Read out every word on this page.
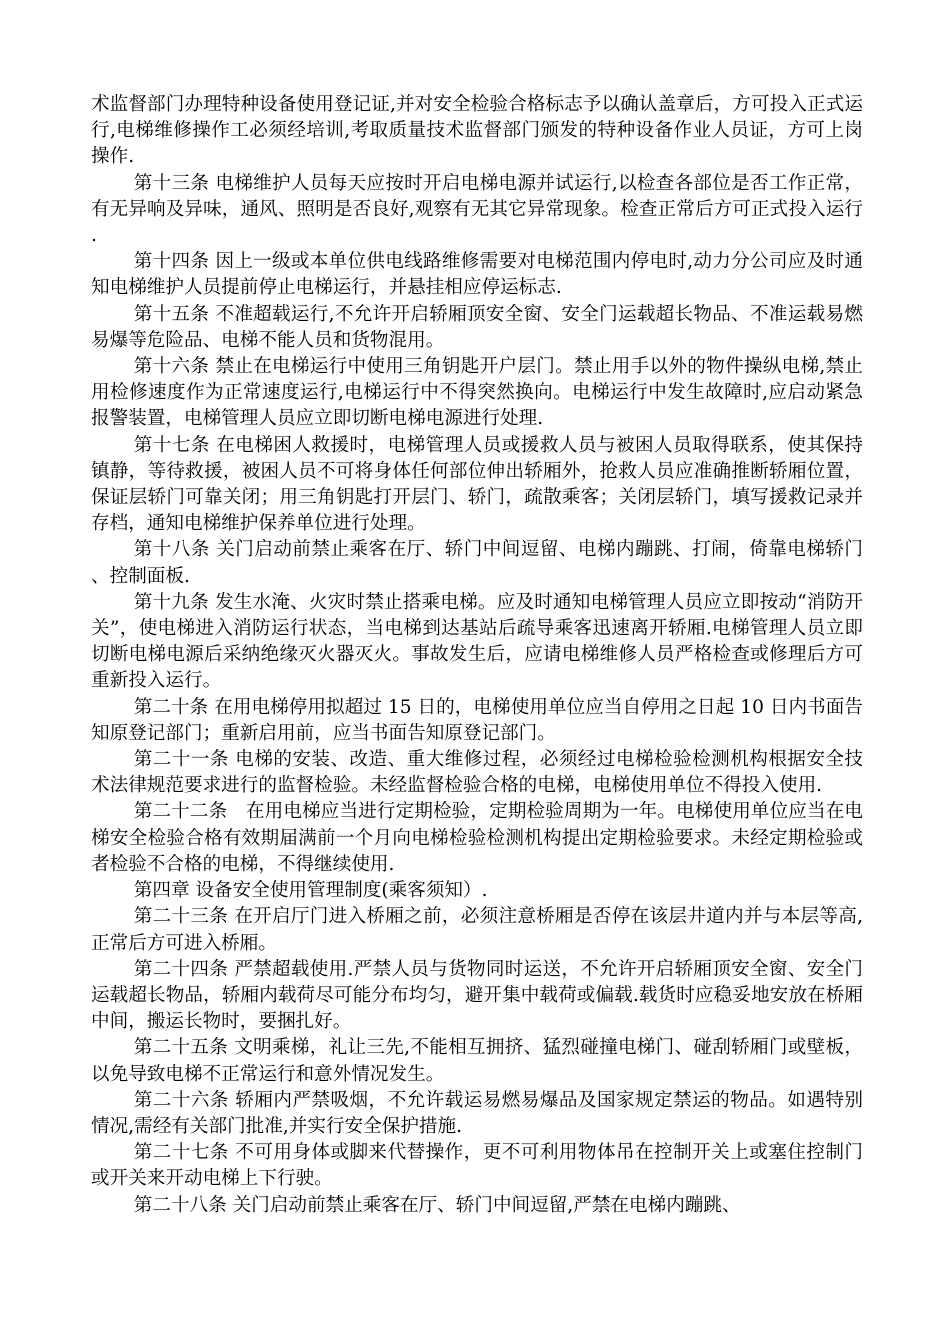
术监督部门办理特种设备使用登记证,并对安全检验合格标志予以确认盖章后，方可投入正式运行,电梯维修操作工必须经培训,考取质量技术监督部门颁发的特种设备作业人员证，方可上岗操作.

第十三条 电梯维护人员每天应按时开启电梯电源并试运行,以检查各部位是否工作正常，有无异响及异味，通风、照明是否良好,观察有无其它异常现象。检查正常后方可正式投入运行.

第十四条 因上一级或本单位供电线路维修需要对电梯范围内停电时,动力分公司应及时通知电梯维护人员提前停止电梯运行，并悬挂相应停运标志.

第十五条 不准超载运行,不允许开启轿厢顶安全窗、安全门运载超长物品、不准运载易燃易爆等危险品、电梯不能人员和货物混用。

第十六条 禁止在电梯运行中使用三角钥匙开户层门。禁止用手以外的物件操纵电梯,禁止用检修速度作为正常速度运行,电梯运行中不得突然换向。电梯运行中发生故障时,应启动紧急报警装置，电梯管理人员应立即切断电梯电源进行处理.

第十七条 在电梯困人救援时，电梯管理人员或援救人员与被困人员取得联系，使其保持镇静，等待救援，被困人员不可将身体任何部位伸出轿厢外，抢救人员应准确推断轿厢位置，保证层轿门可靠关闭；用三角钥匙打开层门、轿门，疏散乘客；关闭层轿门，填写援救记录并存档，通知电梯维护保养单位进行处理。

第十八条 关门启动前禁止乘客在厅、轿门中间逗留、电梯内蹦跳、打闹，倚靠电梯轿门、控制面板.

第十九条 发生水淹、火灾时禁止搭乘电梯。应及时通知电梯管理人员应立即按动“消防开关”，使电梯进入消防运行状态，当电梯到达基站后疏导乘客迅速离开轿厢.电梯管理人员立即切断电梯电源后采纳绝缘灭火器灭火。事故发生后，应请电梯维修人员严格检查或修理后方可重新投入运行。

第二十条 在用电梯停用拟超过 15 日的，电梯使用单位应当自停用之日起 10 日内书面告知原登记部门；重新启用前，应当书面告知原登记部门。

第二十一条 电梯的安装、改造、重大维修过程，必须经过电梯检验检测机构根据安全技术法律规范要求进行的监督检验。未经监督检验合格的电梯，电梯使用单位不得投入使用.

第二十二条　在用电梯应当进行定期检验，定期检验周期为一年。电梯使用单位应当在电梯安全检验合格有效期届满前一个月向电梯检验检测机构提出定期检验要求。未经定期检验或者检验不合格的电梯，不得继续使用.

第四章 设备安全使用管理制度(乘客须知）.

第二十三条 在开启厅门进入桥厢之前，必须注意桥厢是否停在该层井道内并与本层等高,正常后方可进入桥厢。

第二十四条 严禁超载使用.严禁人员与货物同时运送，不允许开启轿厢顶安全窗、安全门运载超长物品，轿厢内载荷尽可能分布均匀，避开集中载荷或偏载.载货时应稳妥地安放在桥厢中间，搬运长物时，要捆扎好。

第二十五条 文明乘梯，礼让三先,不能相互拥挤、猛烈碰撞电梯门、碰刮轿厢门或壁板，以免导致电梯不正常运行和意外情况发生。

第二十六条 轿厢内严禁吸烟，不允许载运易燃易爆品及国家规定禁运的物品。如遇特别情况,需经有关部门批准,并实行安全保护措施.

第二十七条 不可用身体或脚来代替操作，更不可利用物体吊在控制开关上或塞住控制门或开关来开动电梯上下行驶。

第二十八条 关门启动前禁止乘客在厅、轿门中间逗留,严禁在电梯内蹦跳、
